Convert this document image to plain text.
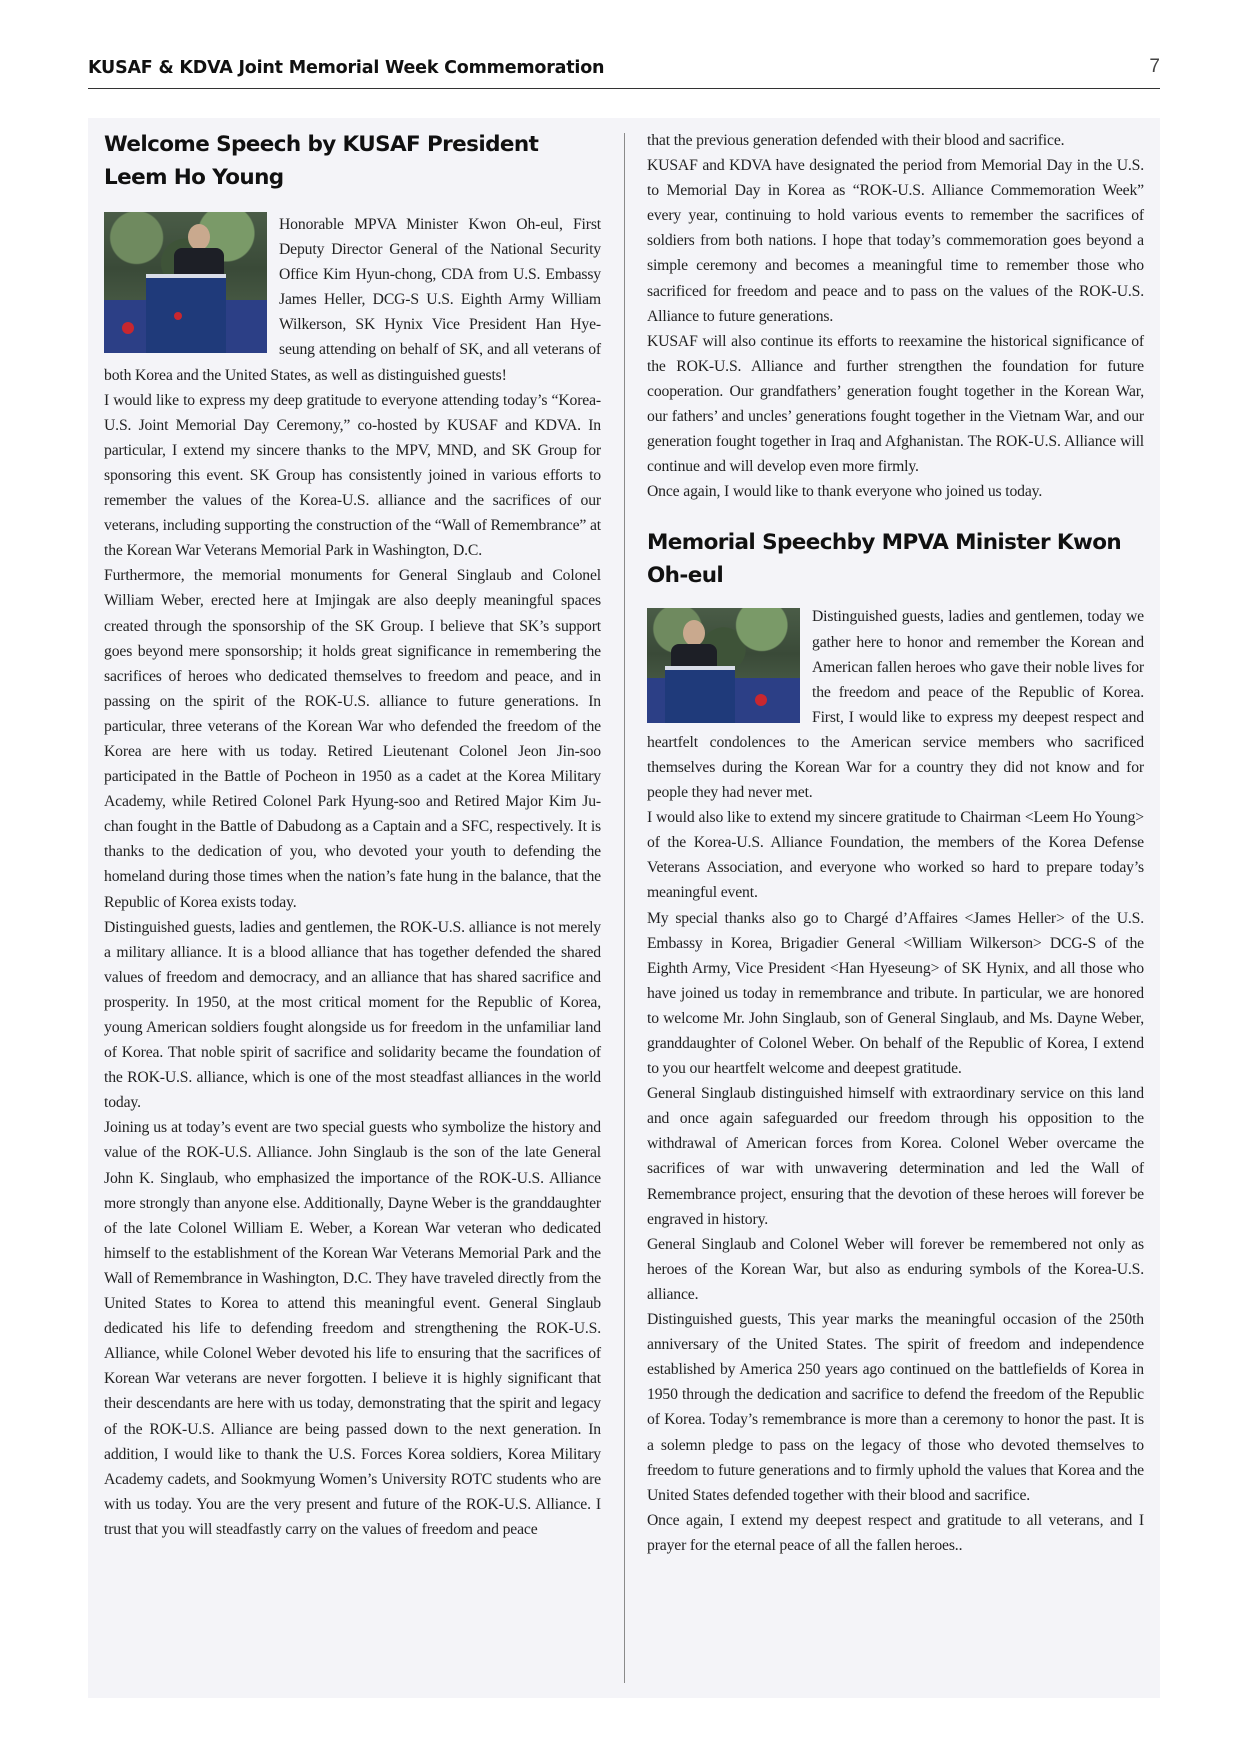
KUSAF & KDVA Joint Memorial Week Commemoration	7
Welcome Speech by KUSAF President
Leem Ho Young

Honorable MPVA Minister Kwon Oh-eul, First Deputy Director General of the National Security Office Kim Hyun-chong, CDA from U.S. Embassy James Heller, DCG-S U.S. Eighth Army William Wilkerson, SK Hynix Vice President Han Hye-seung attending on behalf of SK, and all veterans of both Korea and the United States, as well as distinguished guests!

I would like to express my deep gratitude to everyone attending today’s “Korea-U.S. Joint Memorial Day Ceremony,” co-hosted by KUSAF and KDVA. In particular, I extend my sincere thanks to the MPV, MND, and SK Group for sponsoring this event. SK Group has consistently joined in various efforts to remember the values of the Korea-U.S. alliance and the sacrifices of our veterans, including supporting the construction of the “Wall of Remembrance” at the Korean War Veterans Memorial Park in Washington, D.C.

Furthermore, the memorial monuments for General Singlaub and Colonel William Weber, erected here at Imjingak are also deeply meaningful spaces created through the sponsorship of the SK Group. I believe that SK’s support goes beyond mere sponsorship; it holds great significance in remembering the sacrifices of heroes who dedicated themselves to freedom and peace, and in passing on the spirit of the ROK-U.S. alliance to future generations. In particular, three veterans of the Korean War who defended the freedom of the Korea are here with us today. Retired Lieutenant Colonel Jeon Jin-soo participated in the Battle of Pocheon in 1950 as a cadet at the Korea Military Academy, while Retired Colonel Park Hyung-soo and Retired Major Kim Ju-chan fought in the Battle of Dabudong as a Captain and a SFC, respectively. It is thanks to the dedication of you, who devoted your youth to defending the homeland during those times when the nation’s fate hung in the balance, that the Republic of Korea exists today.

Distinguished guests, ladies and gentlemen, the ROK-U.S. alliance is not merely a military alliance. It is a blood alliance that has together defended the shared values of freedom and democracy, and an alliance that has shared sacrifice and prosperity. In 1950, at the most critical moment for the Republic of Korea, young American soldiers fought alongside us for freedom in the unfamiliar land of Korea. That noble spirit of sacrifice and solidarity became the foundation of the ROK-U.S. alliance, which is one of the most steadfast alliances in the world today.

Joining us at today’s event are two special guests who symbolize the history and value of the ROK-U.S. Alliance. John Singlaub is the son of the late General John K. Singlaub, who emphasized the importance of the ROK-U.S. Alliance more strongly than anyone else. Additionally, Dayne Weber is the granddaughter of the late Colonel William E. Weber, a Korean War veteran who dedicated himself to the establishment of the Korean War Veterans Memorial Park and the Wall of Remembrance in Washington, D.C. They have traveled directly from the United States to Korea to attend this meaningful event. General Singlaub dedicated his life to defending freedom and strengthening the ROK-U.S. Alliance, while Colonel Weber devoted his life to ensuring that the sacrifices of Korean War veterans are never forgotten. I believe it is highly significant that their descendants are here with us today, demonstrating that the spirit and legacy of the ROK-U.S. Alliance are being passed down to the next generation. In addition, I would like to thank the U.S. Forces Korea soldiers, Korea Military Academy cadets, and Sookmyung Women’s University ROTC students who are with us today. You are the very present and future of the ROK-U.S. Alliance. I trust that you will steadfastly carry on the values of freedom and peace

that the previous generation defended with their blood and sacrifice.

KUSAF and KDVA have designated the period from Memorial Day in the U.S. to Memorial Day in Korea as “ROK-U.S. Alliance Commemoration Week” every year, continuing to hold various events to remember the sacrifices of soldiers from both nations. I hope that today’s commemoration goes beyond a simple ceremony and becomes a meaningful time to remember those who sacrificed for freedom and peace and to pass on the values of the ROK-U.S. Alliance to future generations.

KUSAF will also continue its efforts to reexamine the historical significance of the ROK-U.S. Alliance and further strengthen the foundation for future cooperation. Our grandfathers’ generation fought together in the Korean War, our fathers’ and uncles’ generations fought together in the Vietnam War, and our generation fought together in Iraq and Afghanistan. The ROK-U.S. Alliance will continue and will develop even more firmly.

Once again, I would like to thank everyone who joined us today.

Memorial Speechby MPVA Minister Kwon Oh-eul

Distinguished guests, ladies and gentlemen, today we gather here to honor and remember the Korean and American fallen heroes who gave their noble lives for the freedom and peace of the Republic of Korea. First, I would like to express my deepest respect and heartfelt condolences to the American service members who sacrificed themselves during the Korean War for a country they did not know and for people they had never met.

I would also like to extend my sincere gratitude to Chairman <Leem Ho Young> of the Korea-U.S. Alliance Foundation, the members of the Korea Defense Veterans Association, and everyone who worked so hard to prepare today’s meaningful event.

My special thanks also go to Chargé d’Affaires <James Heller> of the U.S. Embassy in Korea, Brigadier General <William Wilkerson> DCG-S of the Eighth Army, Vice President <Han Hyeseung> of SK Hynix, and all those who have joined us today in remembrance and tribute. In particular, we are honored to welcome Mr. John Singlaub, son of General Singlaub, and Ms. Dayne Weber, granddaughter of Colonel Weber. On behalf of the Republic of Korea, I extend to you our heartfelt welcome and deepest gratitude.

General Singlaub distinguished himself with extraordinary service on this land and once again safeguarded our freedom through his opposition to the withdrawal of American forces from Korea. Colonel Weber overcame the sacrifices of war with unwavering determination and led the Wall of Remembrance project, ensuring that the devotion of these heroes will forever be engraved in history.

General Singlaub and Colonel Weber will forever be remembered not only as heroes of the Korean War, but also as enduring symbols of the Korea-U.S. alliance.

Distinguished guests, This year marks the meaningful occasion of the 250th anniversary of the United States. The spirit of freedom and independence established by America 250 years ago continued on the battlefields of Korea in 1950 through the dedication and sacrifice to defend the freedom of the Republic of Korea. Today’s remembrance is more than a ceremony to honor the past. It is a solemn pledge to pass on the legacy of those who devoted themselves to freedom to future generations and to firmly uphold the values that Korea and the United States defended together with their blood and sacrifice.

Once again, I extend my deepest respect and gratitude to all veterans, and I prayer for the eternal peace of all the fallen heroes..
